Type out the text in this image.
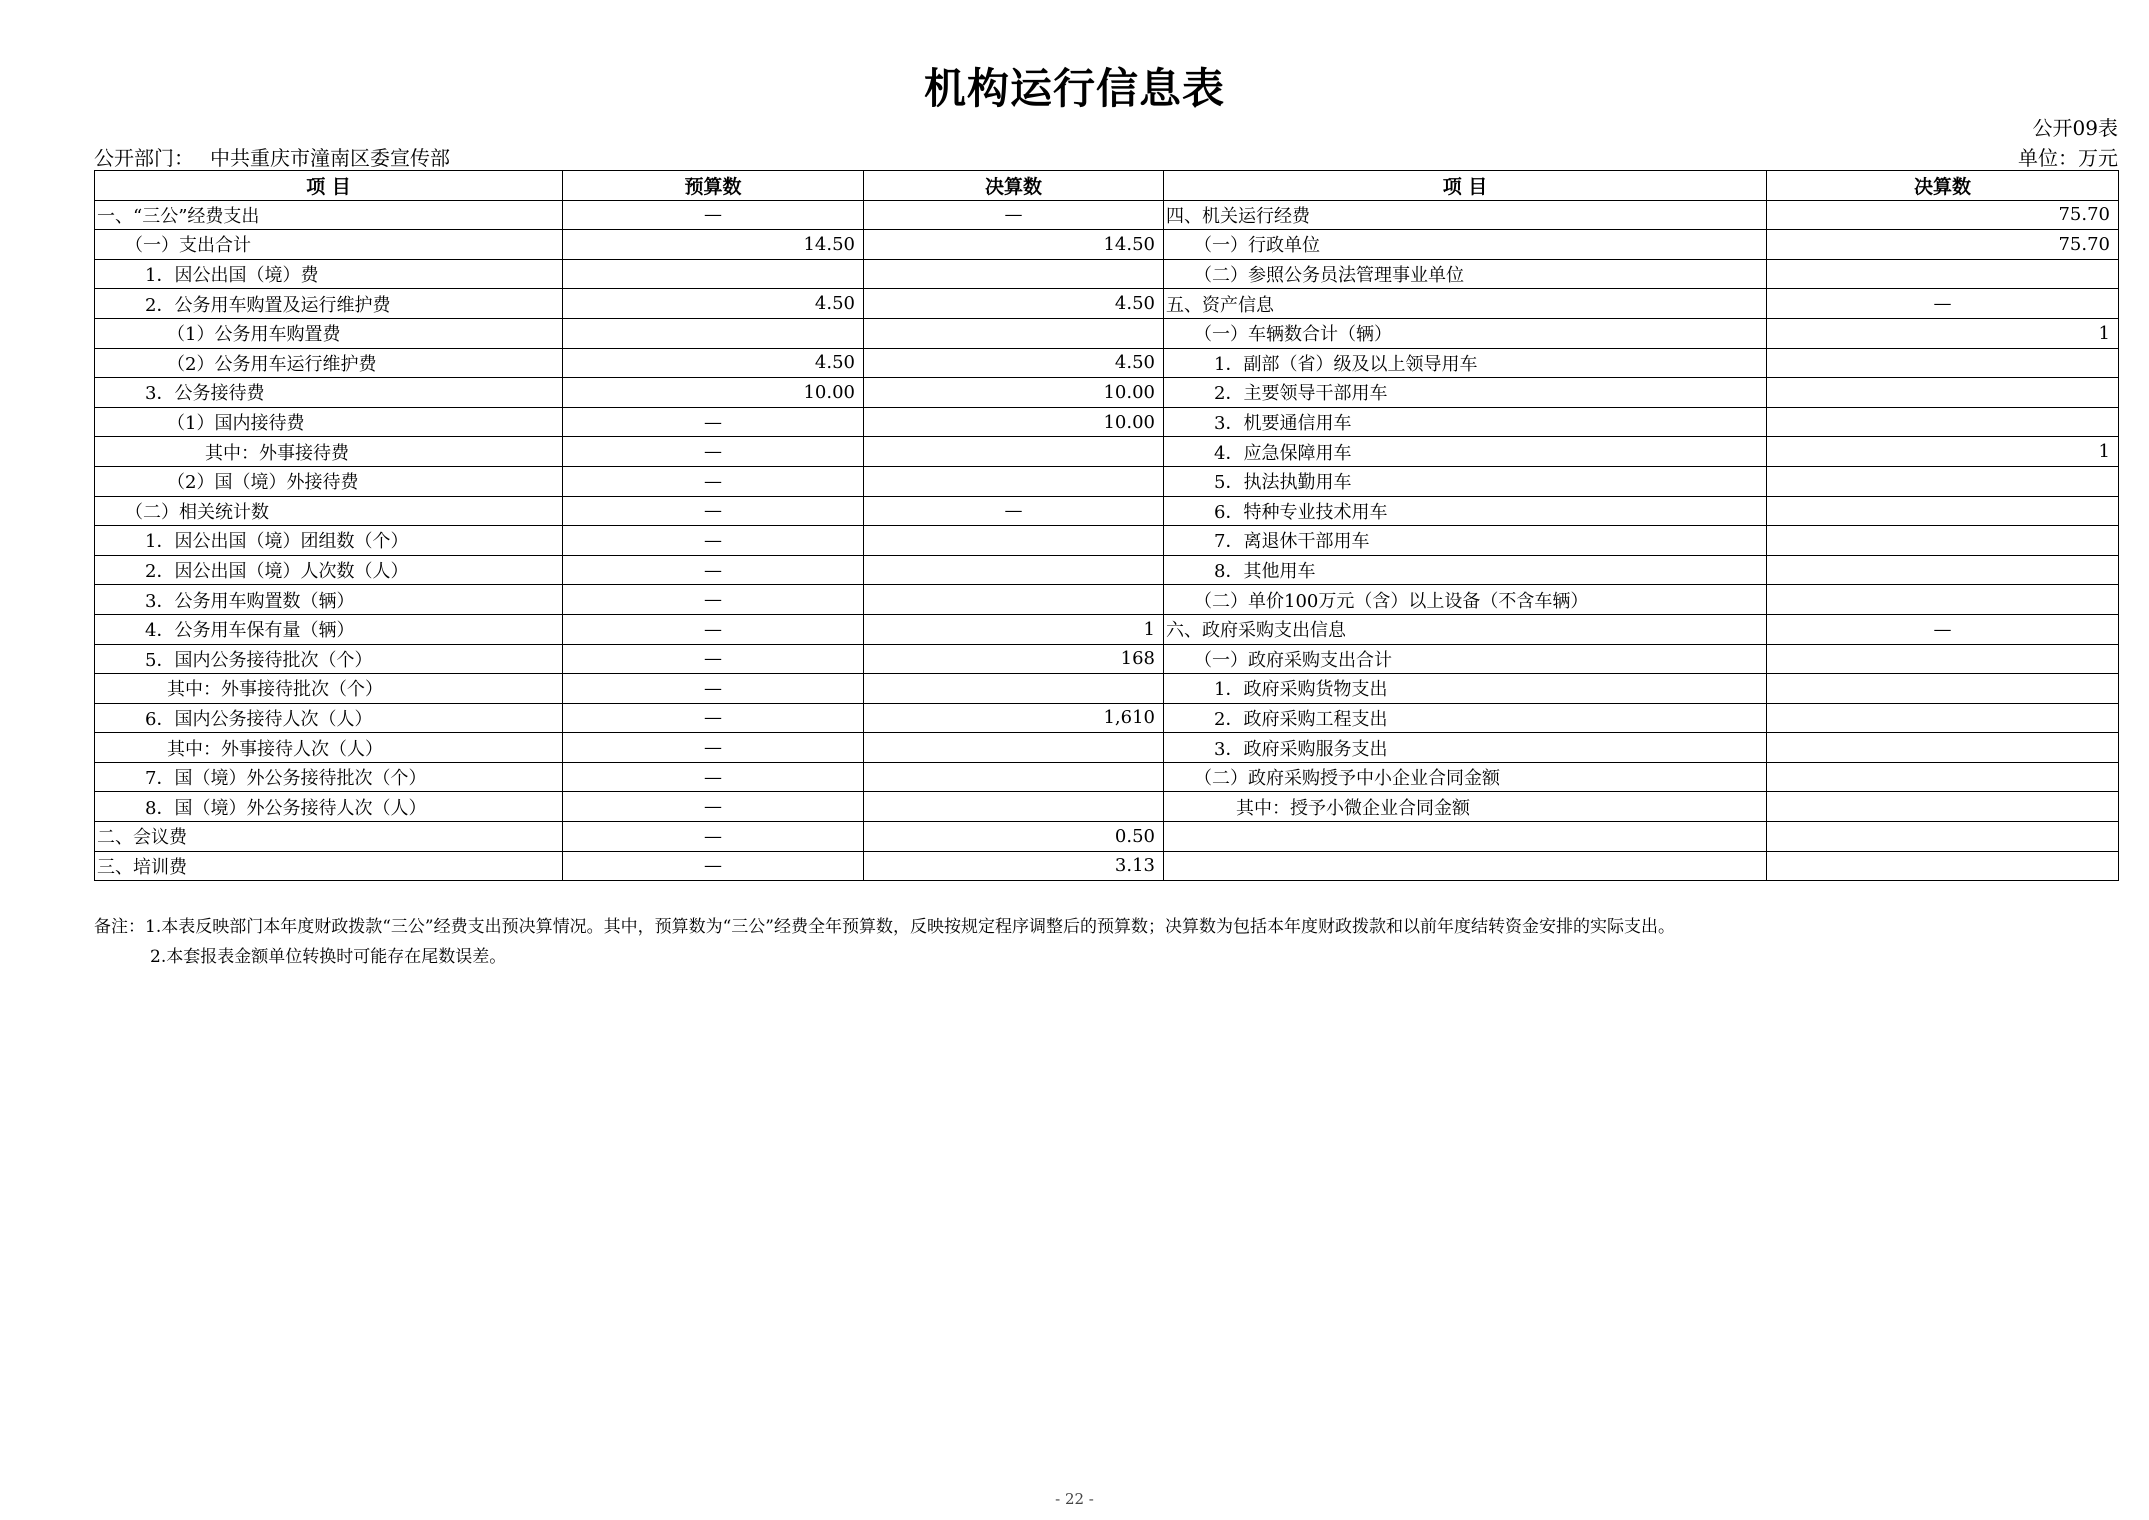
机构运行信息表
公开09表
公开部门： 中共重庆市潼南区委宣传部	单位：万元
项 目	预算数	决算数	项 目	决算数
一、“三公”经费支出	—	—	四、机关运行经费	75.70
（一）支出合计	14.50	14.50	（一）行政单位	75.70
1．因公出国（境）费			（二）参照公务员法管理事业单位	
2．公务用车购置及运行维护费	4.50	4.50	五、资产信息	—
（1）公务用车购置费			（一）车辆数合计（辆）	1
（2）公务用车运行维护费	4.50	4.50	1．副部（省）级及以上领导用车	
3．公务接待费	10.00	10.00	2．主要领导干部用车	
（1）国内接待费	—	10.00	3．机要通信用车	
其中：外事接待费	—		4．应急保障用车	1
（2）国（境）外接待费	—		5．执法执勤用车	
（二）相关统计数	—	—	6．特种专业技术用车	
1．因公出国（境）团组数（个）	—		7．离退休干部用车	
2．因公出国（境）人次数（人）	—		8．其他用车	
3．公务用车购置数（辆）	—		（二）单价100万元（含）以上设备（不含车辆）	
4．公务用车保有量（辆）	—	1	六、政府采购支出信息	—
5．国内公务接待批次（个）	—	168	（一）政府采购支出合计	
其中：外事接待批次（个）	—		1．政府采购货物支出	
6．国内公务接待人次（人）	—	1,610	2．政府采购工程支出	
其中：外事接待人次（人）	—		3．政府采购服务支出	
7．国（境）外公务接待批次（个）	—		（二）政府采购授予中小企业合同金额	
8．国（境）外公务接待人次（人）	—		其中：授予小微企业合同金额	
二、会议费	—	0.50		
三、培训费	—	3.13		
备注：1.本表反映部门本年度财政拨款“三公”经费支出预决算情况。其中，预算数为“三公”经费全年预算数，反映按规定程序调整后的预算数；决算数为包括本年度财政拨款和以前年度结转资金安排的实际支出。
2.本套报表金额单位转换时可能存在尾数误差。
- 22 -
